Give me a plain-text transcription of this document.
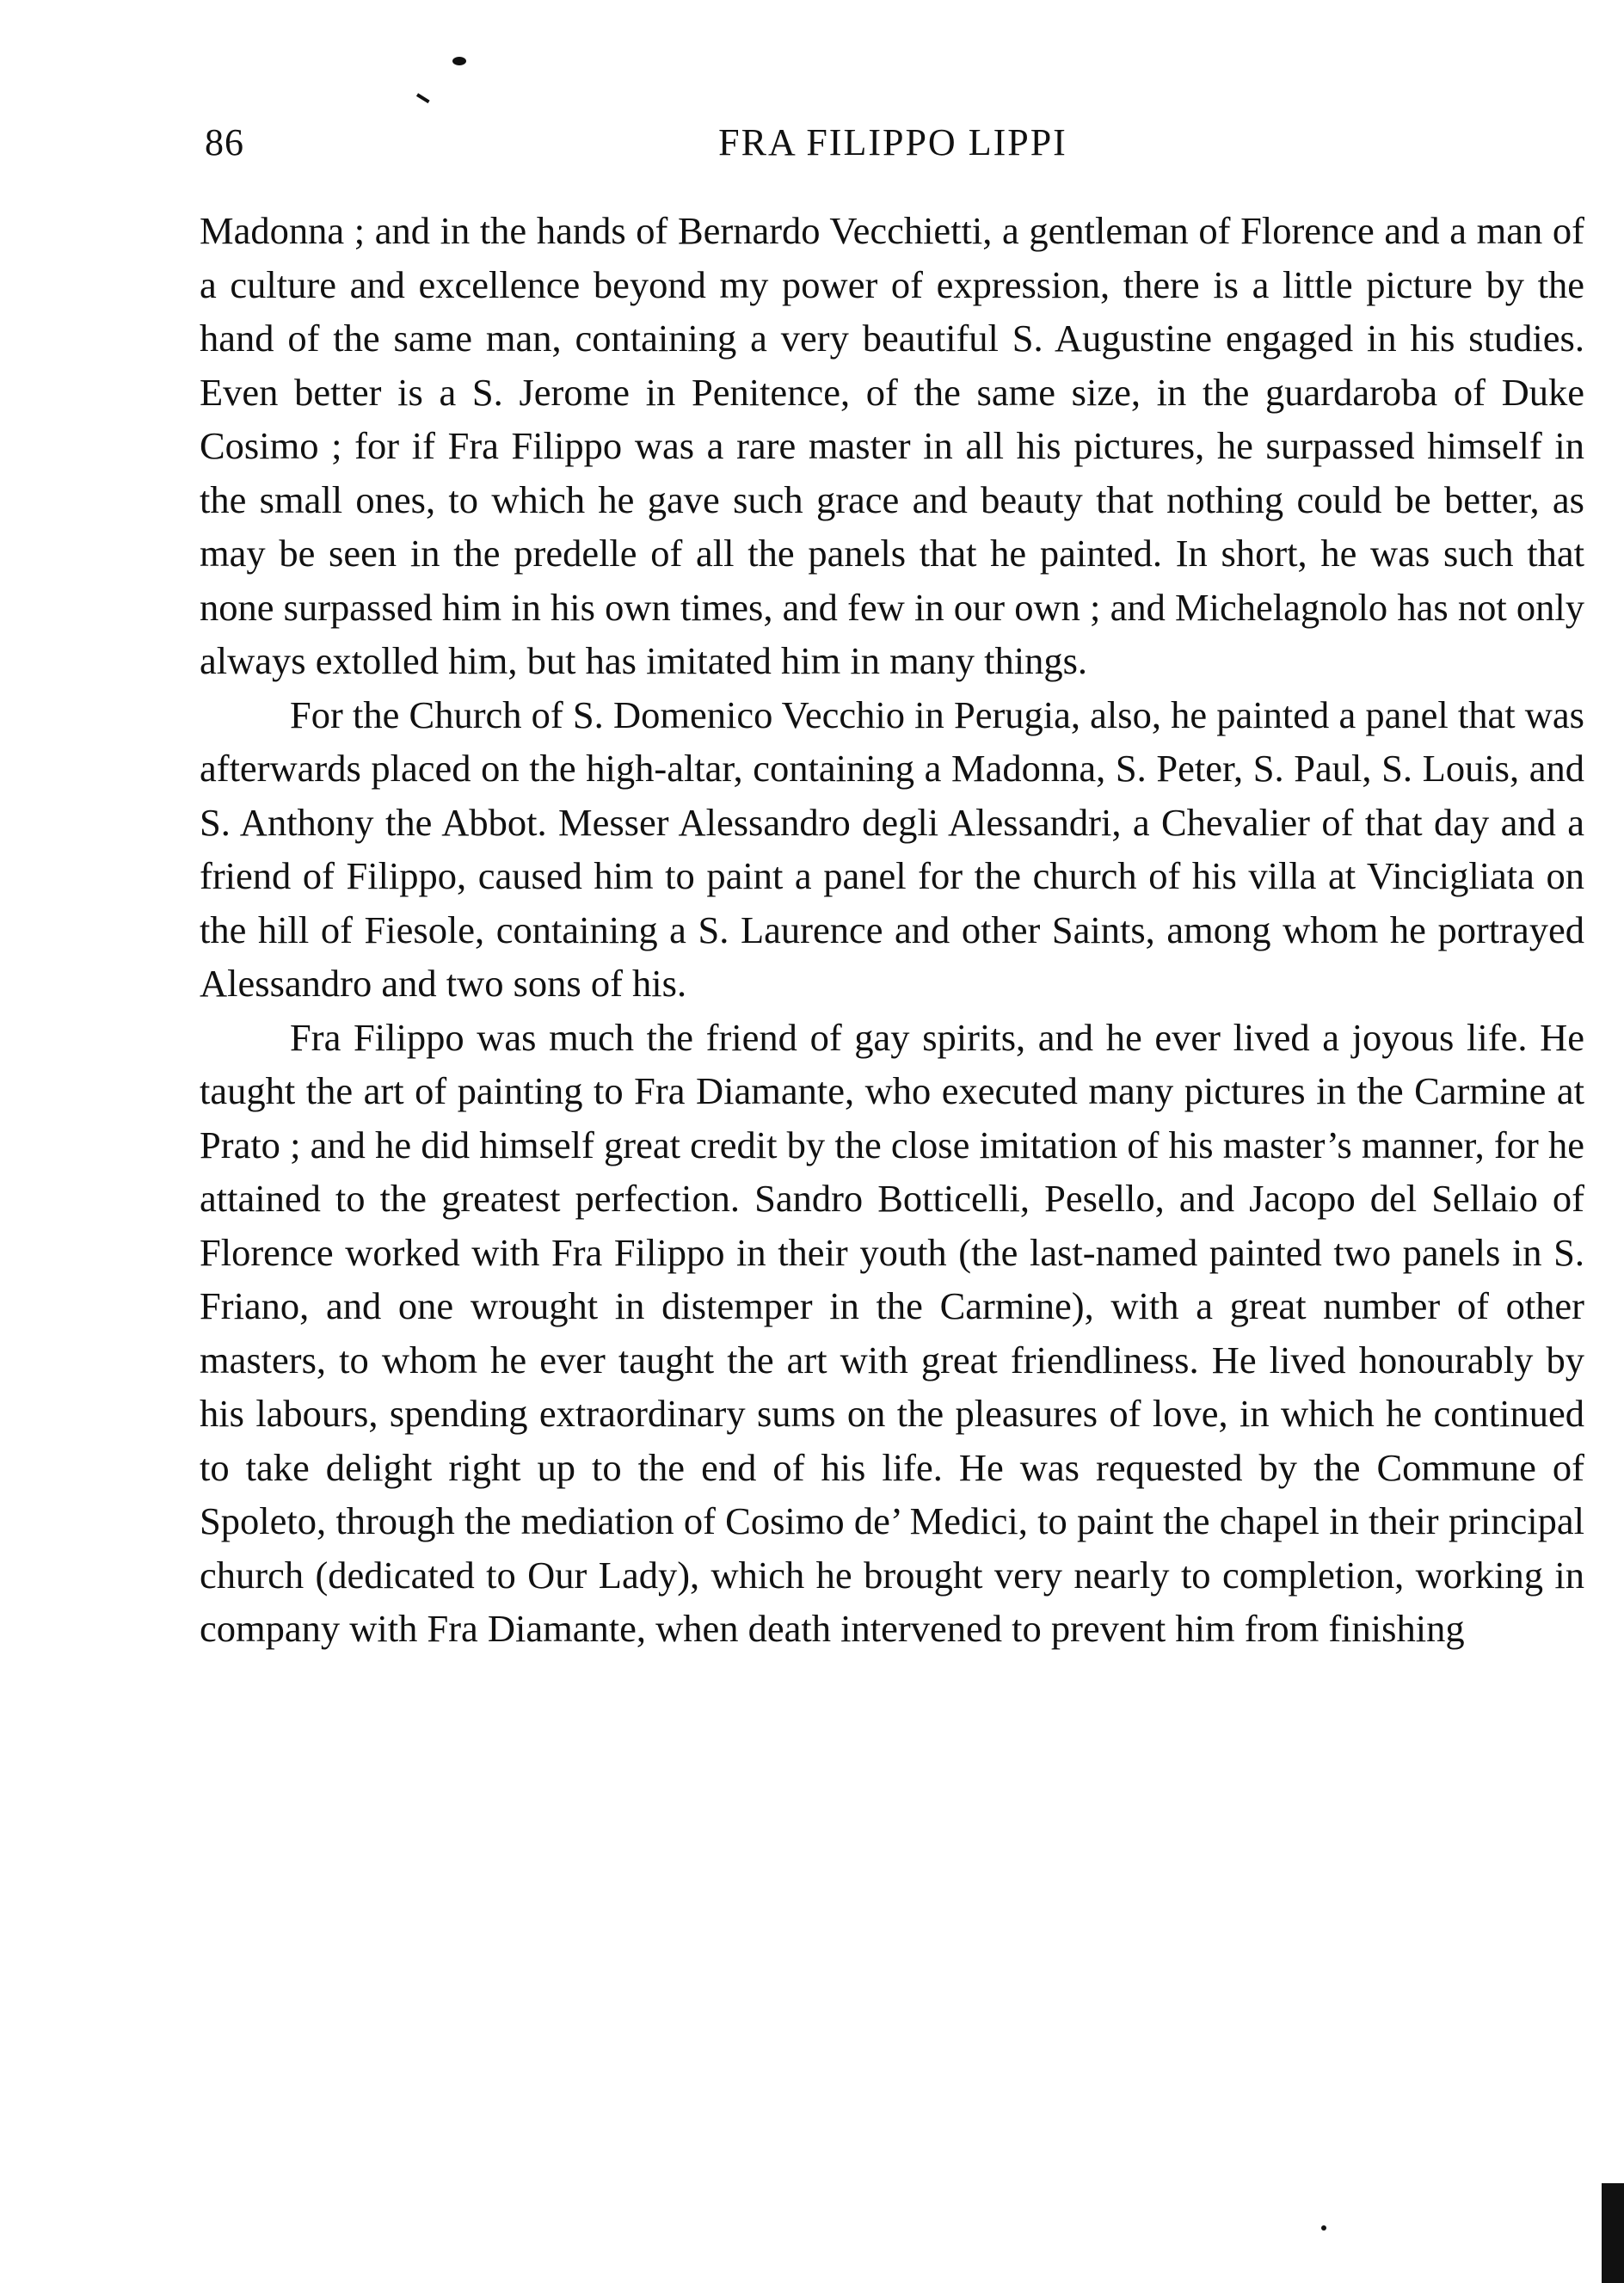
86	FRA FILIPPO LIPPI

Madonna ; and in the hands of Bernardo Vecchietti, a gentleman of Florence and a man of a culture and excellence beyond my power of expression, there is a little picture by the hand of the same man, containing a very beautiful S. Augustine engaged in his studies. Even better is a S. Jerome in Penitence, of the same size, in the guardaroba of Duke Cosimo ; for if Fra Filippo was a rare master in all his pictures, he surpassed himself in the small ones, to which he gave such grace and beauty that nothing could be better, as may be seen in the predelle of all the panels that he painted. In short, he was such that none surpassed him in his own times, and few in our own ; and Michelagnolo has not only always extolled him, but has imitated him in many things.

For the Church of S. Domenico Vecchio in Perugia, also, he painted a panel that was afterwards placed on the high-altar, containing a Madonna, S. Peter, S. Paul, S. Louis, and S. Anthony the Abbot. Messer Alessandro degli Alessandri, a Chevalier of that day and a friend of Filippo, caused him to paint a panel for the church of his villa at Vincigliata on the hill of Fiesole, containing a S. Laurence and other Saints, among whom he portrayed Alessandro and two sons of his.

Fra Filippo was much the friend of gay spirits, and he ever lived a joyous life. He taught the art of painting to Fra Diamante, who executed many pictures in the Carmine at Prato ; and he did himself great credit by the close imitation of his master’s manner, for he attained to the greatest perfection. Sandro Botticelli, Pesello, and Jacopo del Sellaio of Florence worked with Fra Filippo in their youth (the last-named painted two panels in S. Friano, and one wrought in distemper in the Carmine), with a great number of other masters, to whom he ever taught the art with great friendliness. He lived honourably by his labours, spending extraordinary sums on the pleasures of love, in which he continued to take delight right up to the end of his life. He was requested by the Commune of Spoleto, through the mediation of Cosimo de’ Medici, to paint the chapel in their principal church (dedicated to Our Lady), which he brought very nearly to completion, working in company with Fra Diamante, when death intervened to prevent him from finishing
